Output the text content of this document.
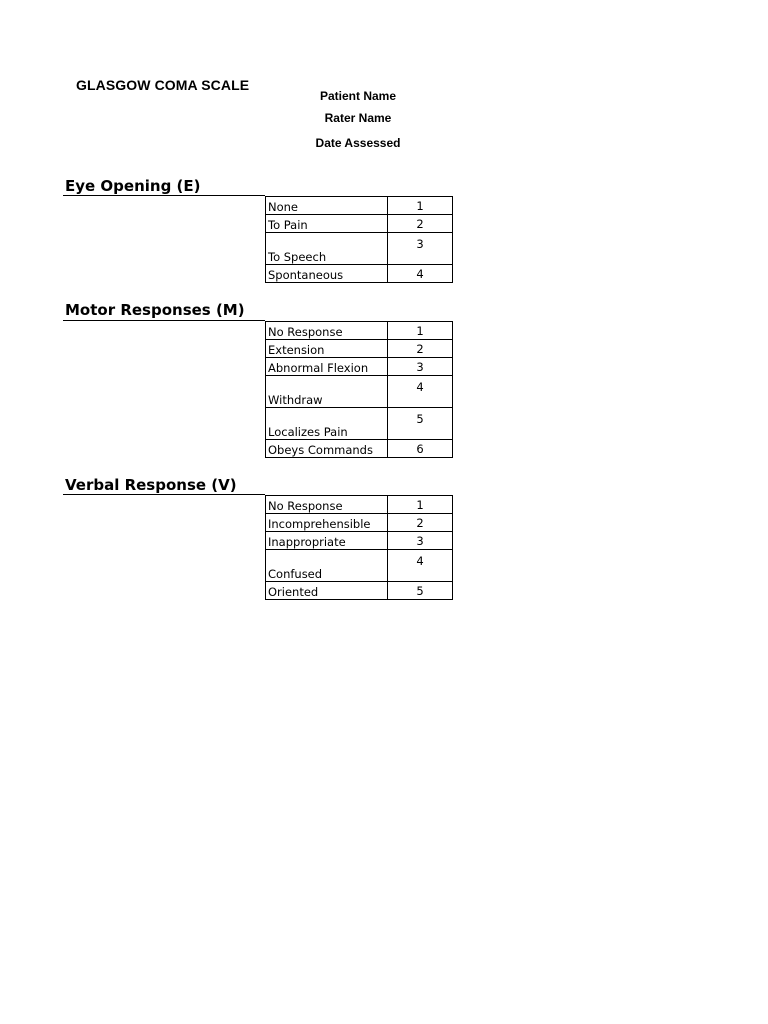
GLASGOW COMA SCALE
Patient Name
Rater Name
Date Assessed
Eye Opening (E)
None	1
To Pain	2
To Speech	3
Spontaneous	4
Motor Responses (M)
No Response	1
Extension	2
Abnormal Flexion	3
Withdraw	4
Localizes Pain	5
Obeys Commands	6
Verbal Response (V)
No Response	1
Incomprehensible	2
Inappropriate	3
Confused	4
Oriented	5
